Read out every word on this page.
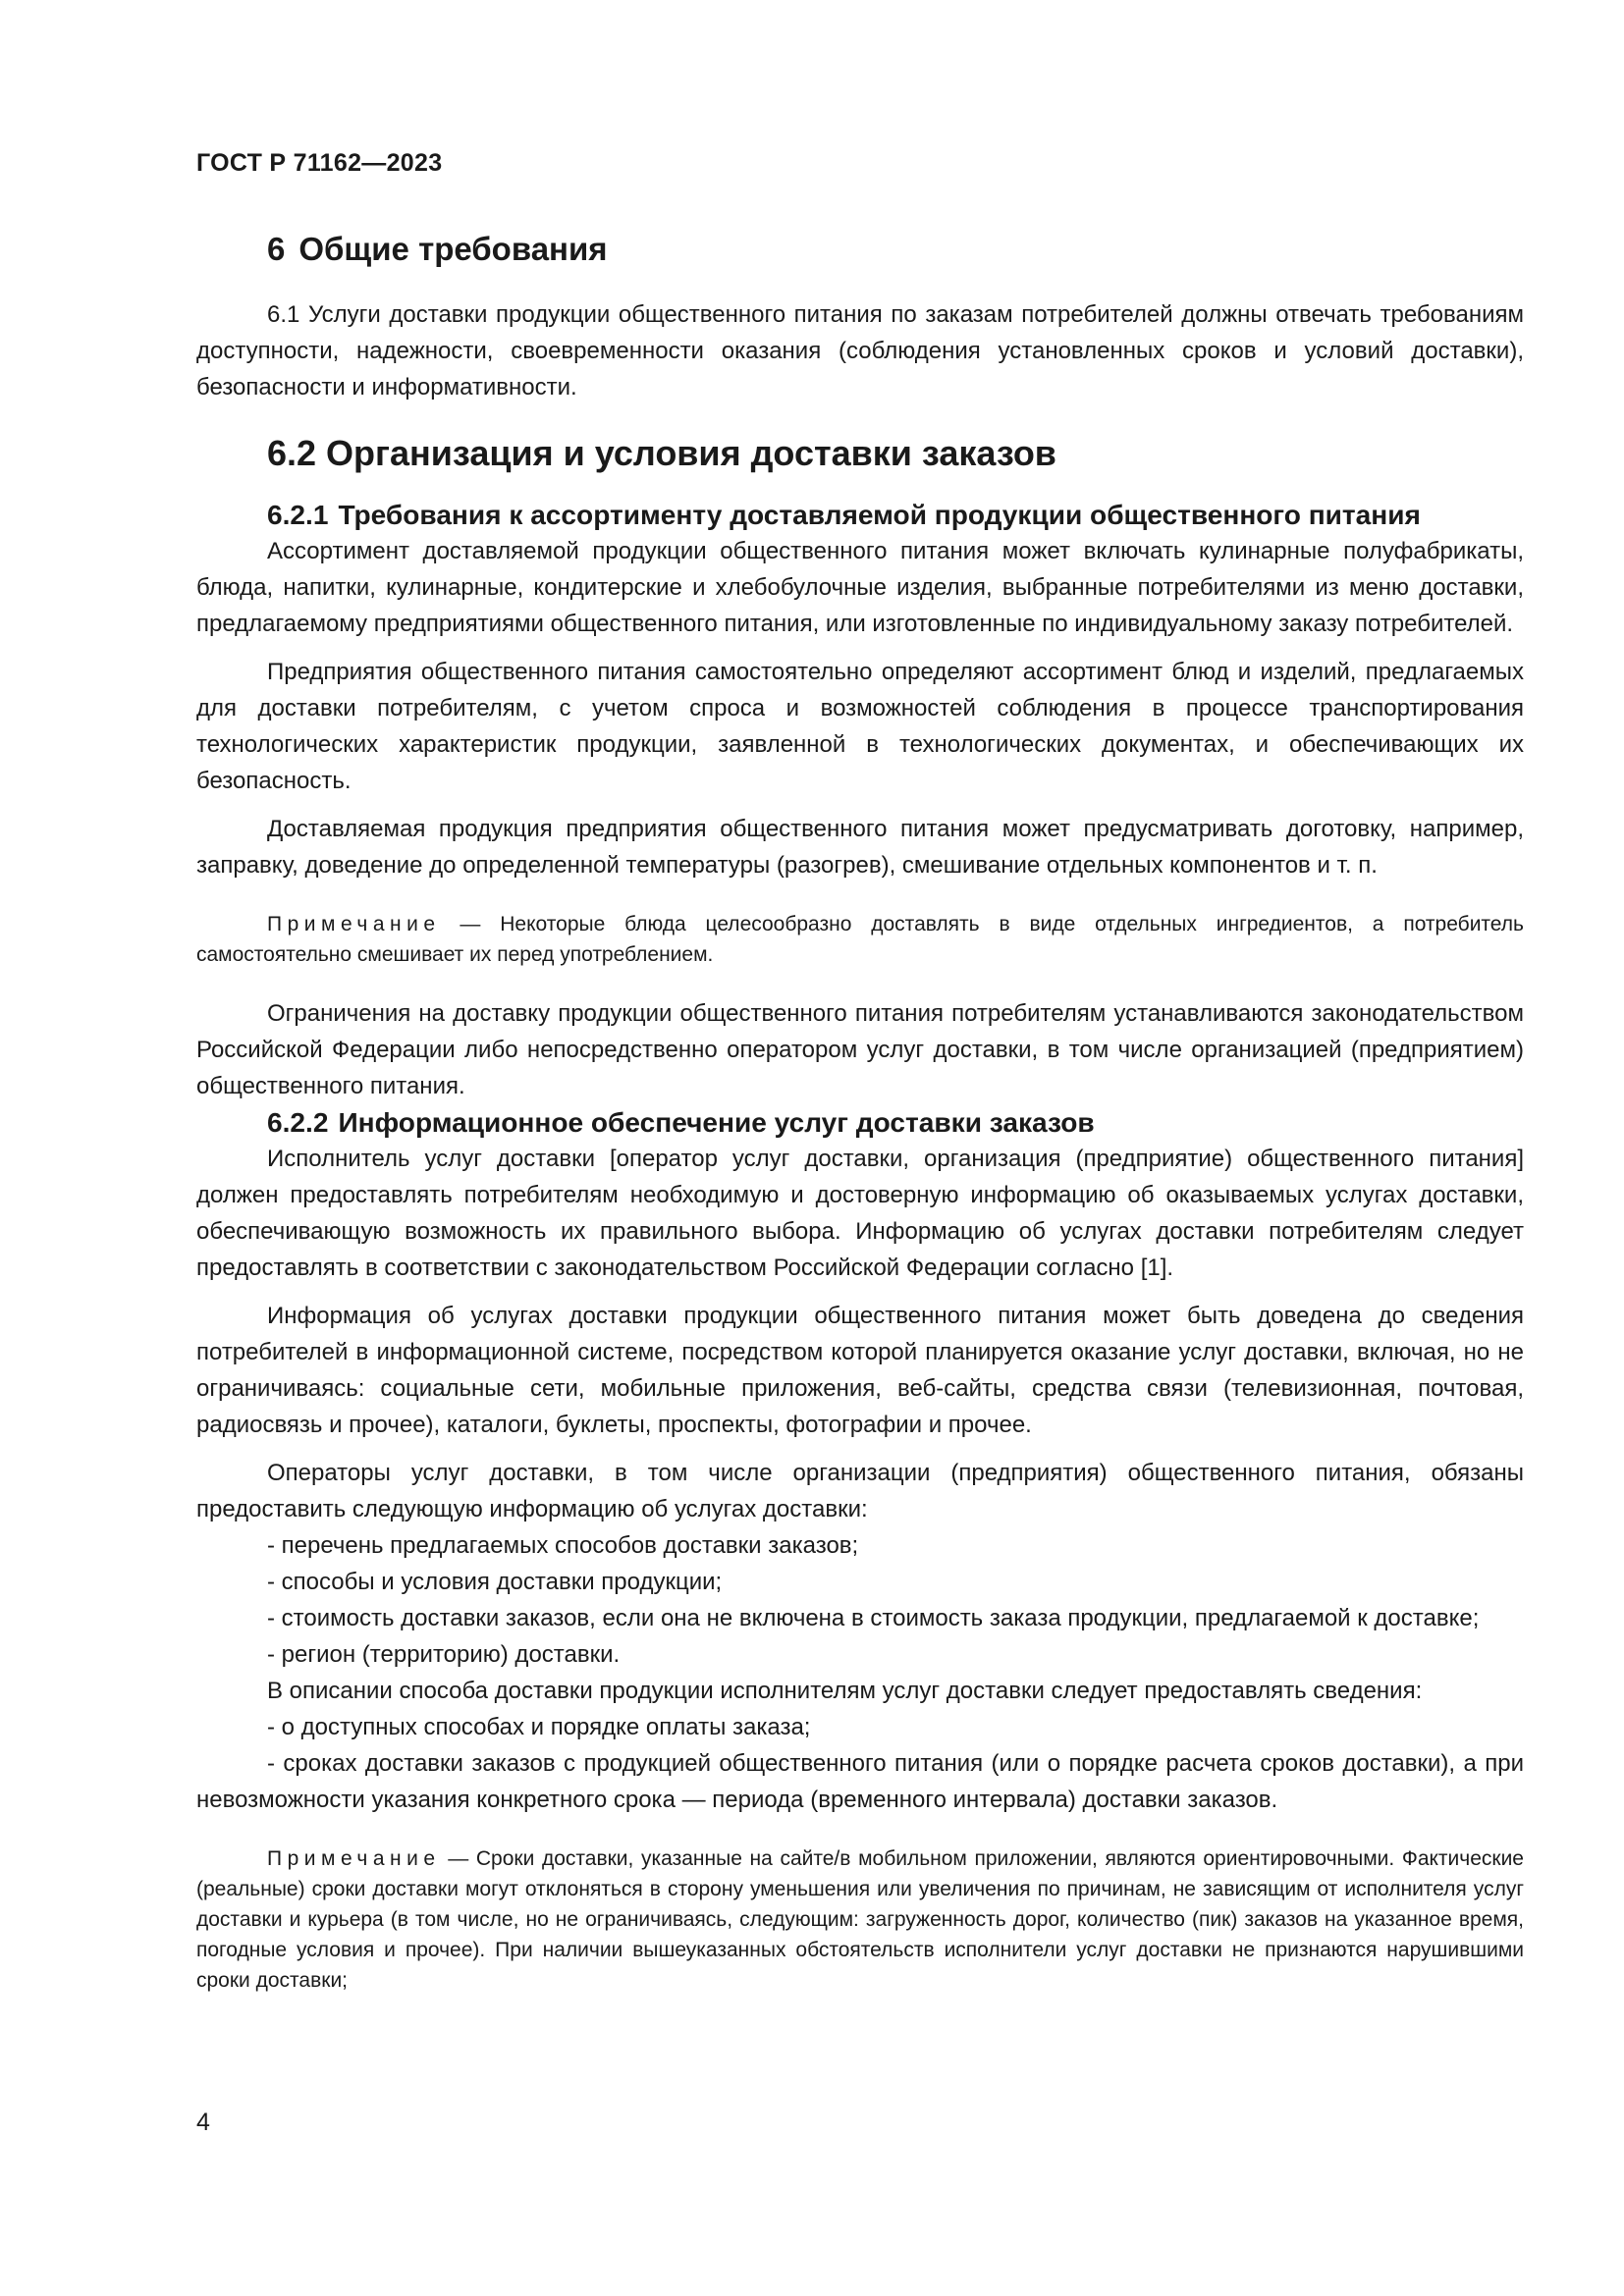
ГОСТ Р 71162—2023
6 Общие требования

6.1 Услуги доставки продукции общественного питания по заказам потребителей должны отвечать требованиям доступности, надежности, своевременности оказания (соблюдения установленных сроков и условий доставки), безопасности и информативности.

6.2 Организация и условия доставки заказов
6.2.1 Требования к ассортименту доставляемой продукции общественного питания

Ассортимент доставляемой продукции общественного питания может включать кулинарные полуфабрикаты, блюда, напитки, кулинарные, кондитерские и хлебобулочные изделия, выбранные потребителями из меню доставки, предлагаемому предприятиями общественного питания, или изготовленные по индивидуальному заказу потребителей.

Предприятия общественного питания самостоятельно определяют ассортимент блюд и изделий, предлагаемых для доставки потребителям, с учетом спроса и возможностей соблюдения в процессе транспортирования технологических характеристик продукции, заявленной в технологических документах, и обеспечивающих их безопасность.

Доставляемая продукция предприятия общественного питания может предусматривать доготовку, например, заправку, доведение до определенной температуры (разогрев), смешивание отдельных компонентов и т. п.

Примечание — Некоторые блюда целесообразно доставлять в виде отдельных ингредиентов, а потребитель самостоятельно смешивает их перед употреблением.

Ограничения на доставку продукции общественного питания потребителям устанавливаются законодательством Российской Федерации либо непосредственно оператором услуг доставки, в том числе организацией (предприятием) общественного питания.

6.2.2 Информационное обеспечение услуг доставки заказов

Исполнитель услуг доставки [оператор услуг доставки, организация (предприятие) общественного питания] должен предоставлять потребителям необходимую и достоверную информацию об оказываемых услугах доставки, обеспечивающую возможность их правильного выбора. Информацию об услугах доставки потребителям следует предоставлять в соответствии с законодательством Российской Федерации согласно [1].

Информация об услугах доставки продукции общественного питания может быть доведена до сведения потребителей в информационной системе, посредством которой планируется оказание услуг доставки, включая, но не ограничиваясь: социальные сети, мобильные приложения, веб-сайты, средства связи (телевизионная, почтовая, радиосвязь и прочее), каталоги, буклеты, проспекты, фотографии и прочее.

Операторы услуг доставки, в том числе организации (предприятия) общественного питания, обязаны предоставить следующую информацию об услугах доставки:

- перечень предлагаемых способов доставки заказов;

- способы и условия доставки продукции;

- стоимость доставки заказов, если она не включена в стоимость заказа продукции, предлагаемой к доставке;

- регион (территорию) доставки.

В описании способа доставки продукции исполнителям услуг доставки следует предоставлять сведения:

- о доступных способах и порядке оплаты заказа;

- сроках доставки заказов с продукцией общественного питания (или о порядке расчета сроков доставки), а при невозможности указания конкретного срока — периода (временного интервала) доставки заказов.

Примечание — Сроки доставки, указанные на сайте/в мобильном приложении, являются ориентировочными. Фактические (реальные) сроки доставки могут отклоняться в сторону уменьшения или увеличения по причинам, не зависящим от исполнителя услуг доставки и курьера (в том числе, но не ограничиваясь, следующим: загруженность дорог, количество (пик) заказов на указанное время, погодные условия и прочее). При наличии вышеуказанных обстоятельств исполнители услуг доставки не признаются нарушившими сроки доставки;

4
